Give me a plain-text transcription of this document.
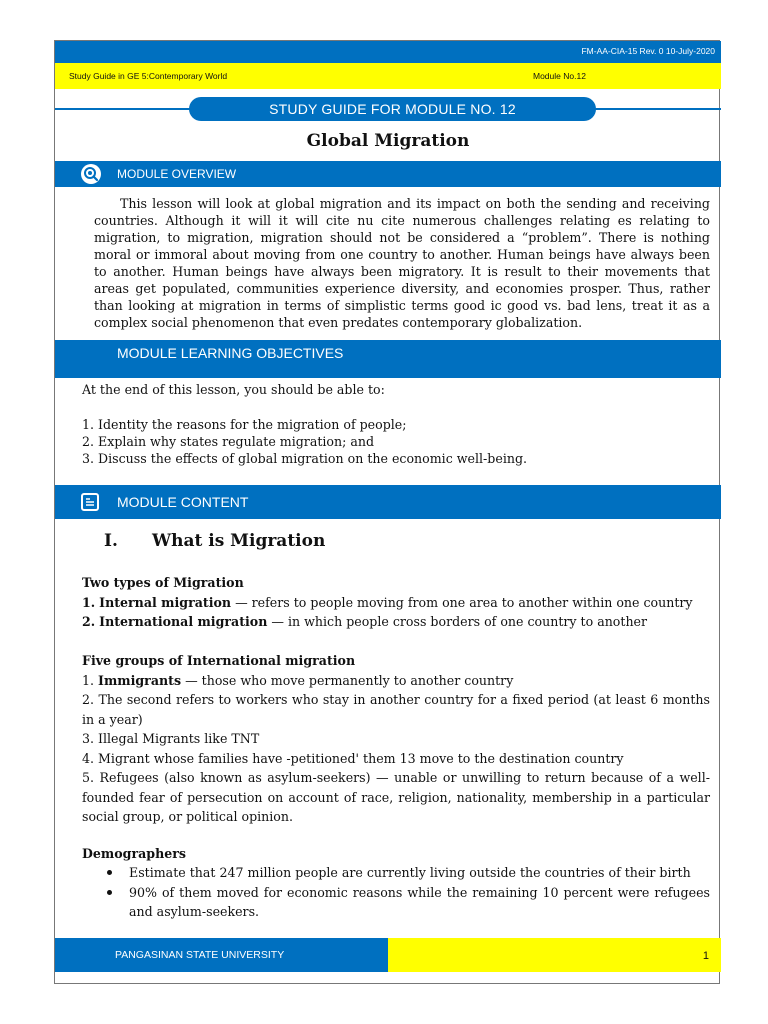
FM-AA-CIA-15 Rev. 0 10-July-2020
Study Guide in GE 5:Contemporary World	Module No.12
STUDY GUIDE FOR MODULE NO. 12
Global Migration
MODULE OVERVIEW

This lesson will look at global migration and its impact on both the sending and receiving countries. Although it will it will cite nu cite numerous challenges relating es relating to migration, to migration, migration should not be considered a “problem”. There is nothing moral or immoral about moving from one country to another. Human beings have always been to another. Human beings have always been migratory. It is result to their movements that areas get populated, communities experience diversity, and economies prosper. Thus, rather than looking at migration in terms of simplistic terms good ic good vs. bad lens, treat it as a complex social phenomenon that even predates contemporary globalization.

MODULE LEARNING OBJECTIVES
At the end of this lesson, you should be able to:
1. Identity the reasons for the migration of people;
2. Explain why states regulate migration; and
3. Discuss the effects of global migration on the economic well-being.
MODULE CONTENT
I. What is Migration
Two types of Migration
1. Internal migration — refers to people moving from one area to another within one country
2. International migration — in which people cross borders of one country to another
Five groups of International migration
1. Immigrants — those who move permanently to another country
2. The second refers to workers who stay in another country for a fixed period (at least 6 months in a year)
3. Illegal Migrants like TNT
4. Migrant whose families have -petitioned' them 13 move to the destination country
5. Refugees (also known as asylum-seekers) — unable or unwilling to return because of a well-founded fear of persecution on account of race, religion, nationality, membership in a particular social group, or political opinion.
Demographers
Estimate that 247 million people are currently living outside the countries of their birth
90% of them moved for economic reasons while the remaining 10 percent were refugees and asylum-seekers.
PANGASINAN STATE UNIVERSITY	1
